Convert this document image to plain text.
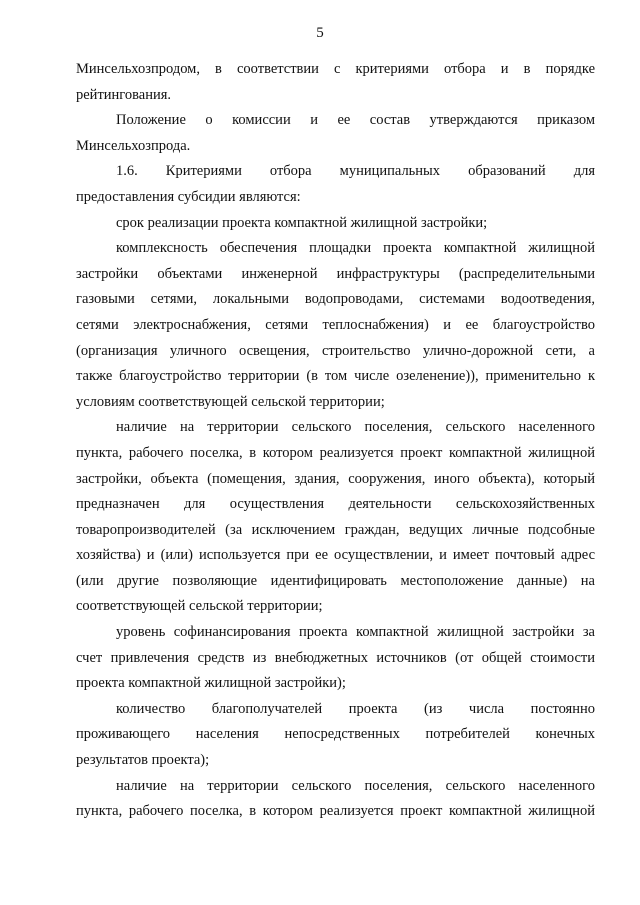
5

Минсельхозпродом, в соответствии с критериями отбора и в порядке
рейтингования.

Положение о комиссии и ее состав утверждаются приказом
Минсельхозпрода.

1.6. Критериями отбора муниципальных образований для
предоставления субсидии являются:

срок реализации проекта компактной жилищной застройки;

комплексность обеспечения площадки проекта компактной жилищной
застройки объектами инженерной инфраструктуры (распределительными
газовыми сетями, локальными водопроводами, системами водоотведения,
сетями электроснабжения, сетями теплоснабжения) и ее благоустройство
(организация уличного освещения, строительство улично-дорожной сети, а
также благоустройство территории (в том числе озеленение)), применительно к
условиям соответствующей сельской территории;

наличие на территории сельского поселения, сельского населенного
пункта, рабочего поселка, в котором реализуется проект компактной жилищной
застройки, объекта (помещения, здания, сооружения, иного объекта), который
предназначен для осуществления деятельности сельскохозяйственных
товаропроизводителей (за исключением граждан, ведущих личные подсобные
хозяйства) и (или) используется при ее осуществлении, и имеет почтовый адрес
(или другие позволяющие идентифицировать местоположение данные) на
соответствующей сельской территории;

уровень софинансирования проекта компактной жилищной застройки за
счет привлечения средств из внебюджетных источников (от общей стоимости
проекта компактной жилищной застройки);

количество благополучателей проекта (из числа постоянно
проживающего населения непосредственных потребителей конечных
результатов проекта);

наличие на территории сельского поселения, сельского населенного
пункта, рабочего поселка, в котором реализуется проект компактной жилищной
